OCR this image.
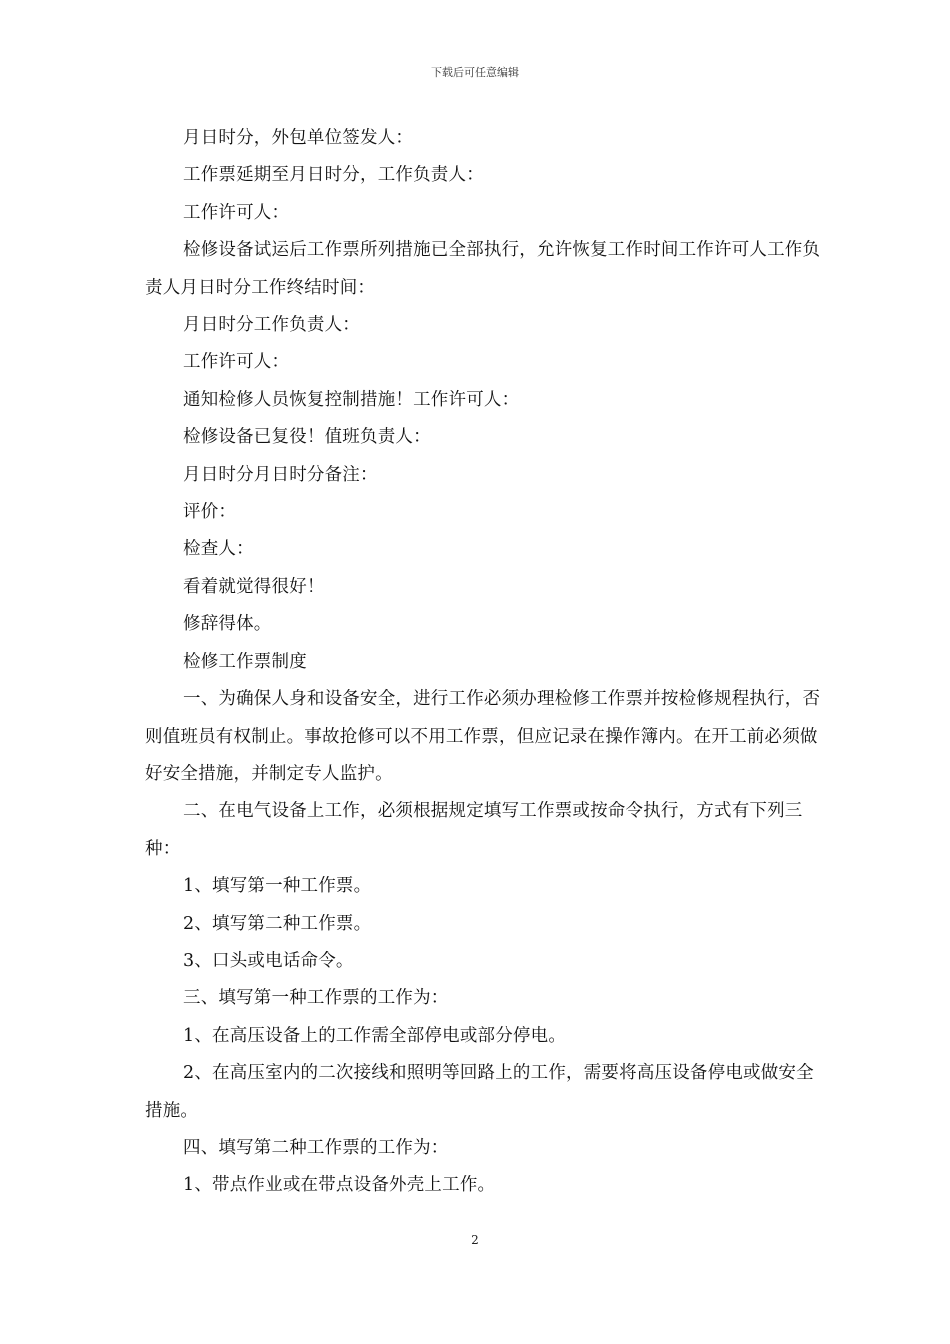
下载后可任意编辑

月日时分，外包单位签发人：

工作票延期至月日时分，工作负责人：

工作许可人：

检修设备试运后工作票所列措施已全部执行，允许恢复工作时间工作许可人工作负责人月日时分工作终结时间：

月日时分工作负责人：

工作许可人：

通知检修人员恢复控制措施！工作许可人：

检修设备已复役！值班负责人：

月日时分月日时分备注：

评价：

检查人：

看着就觉得很好！

修辞得体。

检修工作票制度

一、为确保人身和设备安全，进行工作必须办理检修工作票并按检修规程执行，否则值班员有权制止。事故抢修可以不用工作票，但应记录在操作簿内。在开工前必须做好安全措施，并制定专人监护。

二、在电气设备上工作，必须根据规定填写工作票或按命令执行，方式有下列三种：

1、填写第一种工作票。

2、填写第二种工作票。

3、口头或电话命令。

三、填写第一种工作票的工作为：

1、在高压设备上的工作需全部停电或部分停电。

2、在高压室内的二次接线和照明等回路上的工作，需要将高压设备停电或做安全措施。

四、填写第二种工作票的工作为：

1、带点作业或在带点设备外壳上工作。

2
